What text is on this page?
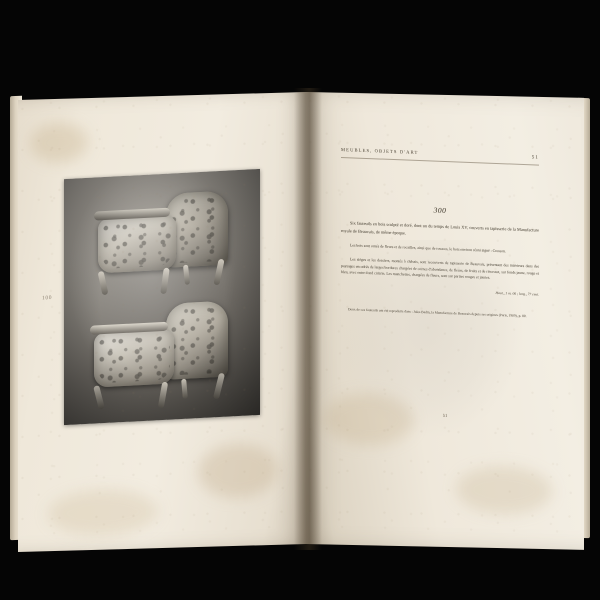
100
MEUBLES, OBJETS D'ART
51
300

Six fauteuils en bois sculpté et doré, dont un du temps de Louis XV, couverts en tapisserie de la Manufacture royale de Beauvais, de même époque.

Les bois sont ornés de fleurs et de rocailles, ainsi que de rosaces, le bois environ réuni signé : Cresson.

Les sièges et les dossiers, montés à châssis, sont recouverts de tapisserie de Beauvais, présentant des intérieurs dans des paysages encadrés de larges bordures chargées de cornes d'abondance, de fleurs, de fruits et de rinceaux, sur fonds jaune, rouge et bleu, avec entre-fond ciritrin. Les manchettes, chargées de fleurs, sont sur parties rouges et jaunes.

Haut., 1 m. 06 ; larg., 77 cent.

Deux de ces fauteuils ont été reproduits dans : Jules Badin, la Manufacture de Beauvais depuis ses origines (Paris, 1909), p. 80.

51
